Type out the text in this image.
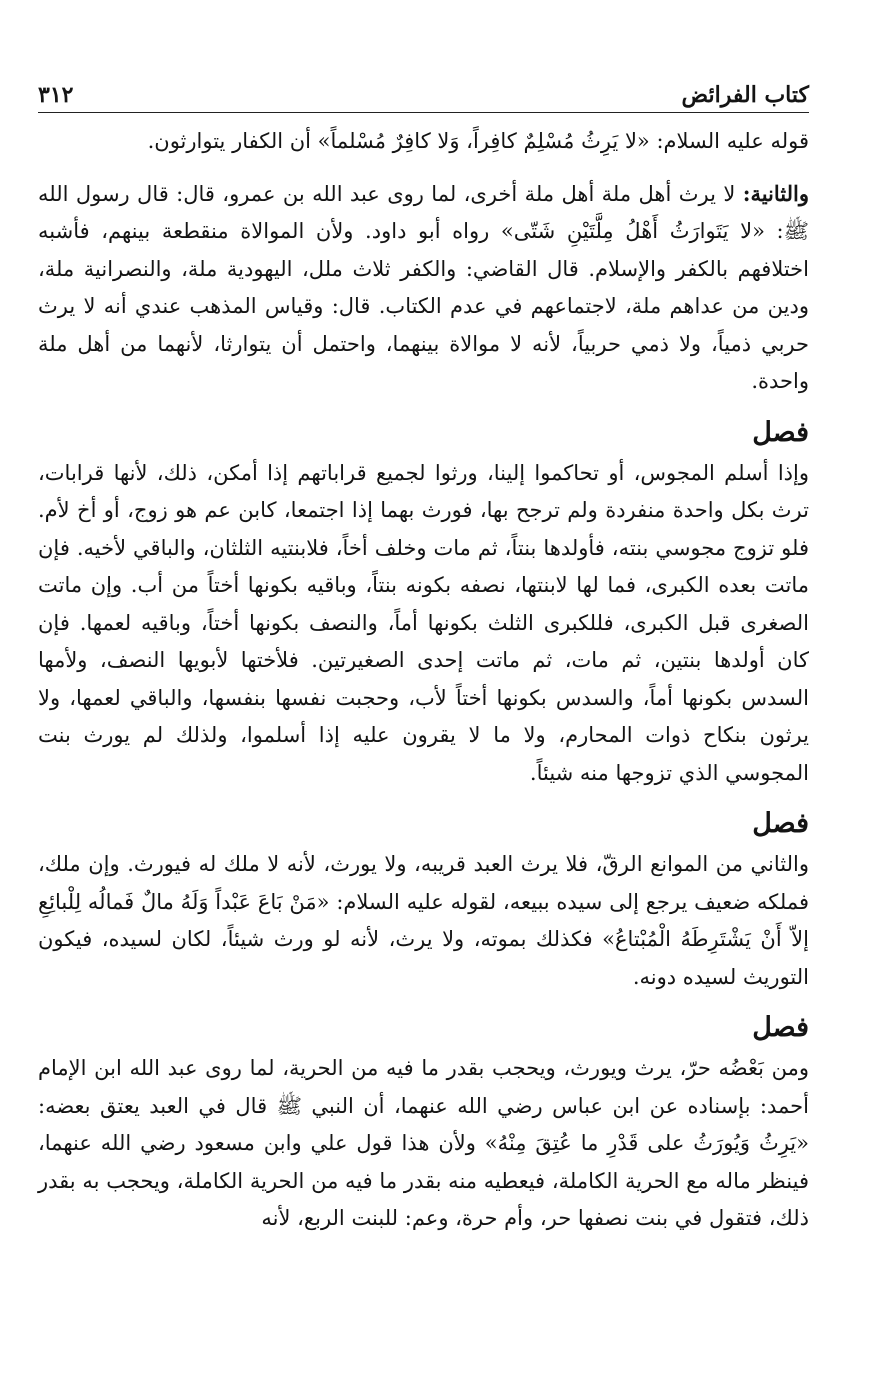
كتاب الفرائض
٣١٢

قوله عليه السلام: «لا يَرِثُ مُسْلِمٌ كافِراً، وَلا كافِرٌ مُسْلماً» أن الكفار يتوارثون.

والثانية: لا يرث أهل ملة أهل ملة أخرى، لما روى عبد الله بن عمرو، قال: قال رسول الله ﷺ: «لا يَتَوارَثُ أَهْلُ مِلَّتَيْنِ شَتّى» رواه أبو داود. ولأن الموالاة منقطعة بينهم، فأشبه اختلافهم بالكفر والإسلام. قال القاضي: والكفر ثلاث ملل، اليهودية ملة، والنصرانية ملة، ودين من عداهم ملة، لاجتماعهم في عدم الكتاب. قال: وقياس المذهب عندي أنه لا يرث حربي ذمياً، ولا ذمي حربياً، لأنه لا موالاة بينهما، واحتمل أن يتوارثا، لأنهما من أهل ملة واحدة.

فصل

وإذا أسلم المجوس، أو تحاكموا إلينا، ورثوا لجميع قراباتهم إذا أمكن، ذلك، لأنها قرابات، ترث بكل واحدة منفردة ولم ترجح بها، فورث بهما إذا اجتمعا، كابن عم هو زوج، أو أخ لأم. فلو تزوج مجوسي بنته، فأولدها بنتاً، ثم مات وخلف أخاً، فلابنتيه الثلثان، والباقي لأخيه. فإن ماتت بعده الكبرى، فما لها لابنتها، نصفه بكونه بنتاً، وباقيه بكونها أختاً من أب. وإن ماتت الصغرى قبل الكبرى، فللكبرى الثلث بكونها أماً، والنصف بكونها أختاً، وباقيه لعمها. فإن كان أولدها بنتين، ثم مات، ثم ماتت إحدى الصغيرتين. فلأختها لأبويها النصف، ولأمها السدس بكونها أماً، والسدس بكونها أختاً لأب، وحجبت نفسها بنفسها، والباقي لعمها، ولا يرثون بنكاح ذوات المحارم، ولا ما لا يقرون عليه إذا أسلموا، ولذلك لم يورث بنت المجوسي الذي تزوجها منه شيئاً.

فصل

والثاني من الموانع الرقّ، فلا يرث العبد قريبه، ولا يورث، لأنه لا ملك له فيورث. وإن ملك، فملكه ضعيف يرجع إلى سيده ببيعه، لقوله عليه السلام: «مَنْ بَاعَ عَبْداً وَلَهُ مالٌ فَمالُه لِلْبائِعِ إلاّ أَنْ يَشْتَرِطَهُ الْمُبْتاعُ» فكذلك بموته، ولا يرث، لأنه لو ورث شيئاً، لكان لسيده، فيكون التوريث لسيده دونه.

فصل

ومن بَعْضُه حرّ، يرث ويورث، ويحجب بقدر ما فيه من الحرية، لما روى عبد الله ابن الإمام أحمد: بإسناده عن ابن عباس رضي الله عنهما، أن النبي ﷺ قال في العبد يعتق بعضه: «يَرِثُ وَيُورَثُ على قَدْرِ ما عُتِقَ مِنْهُ» ولأن هذا قول علي وابن مسعود رضي الله عنهما، فينظر ماله مع الحرية الكاملة، فيعطيه منه بقدر ما فيه من الحرية الكاملة، ويحجب به بقدر ذلك، فتقول في بنت نصفها حر، وأم حرة، وعم: للبنت الربع، لأنه
